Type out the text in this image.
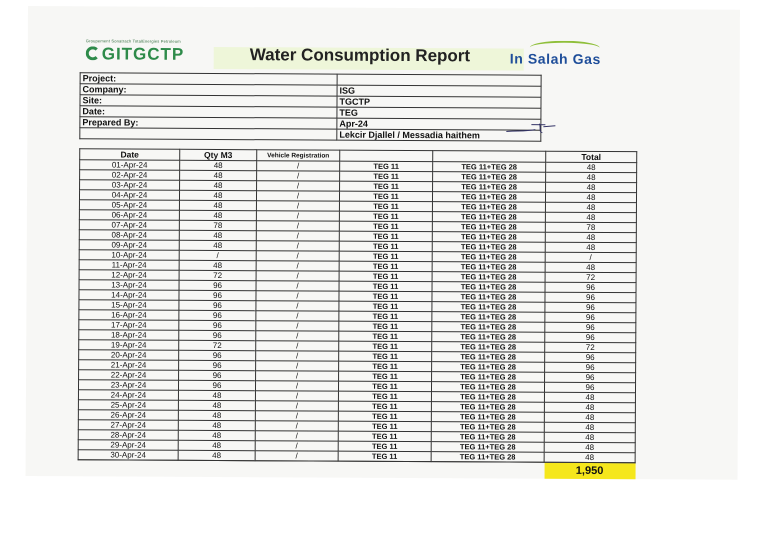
Groupement Sonatrach TotalEnergies Petroleum
GITGCTP	Water Consumption Report	In Salah Gas
Project:	
Company:	ISG
Site:	TGCTP
Date:	TEG
Prepared By:	Apr-24
	Lekcir Djallel / Messadia haithem
Date	Qty M3	Vehicle Registration			Total
01-Apr-24	48	/	TEG 11	TEG 11+TEG 28	48
02-Apr-24	48	/	TEG 11	TEG 11+TEG 28	48
03-Apr-24	48	/	TEG 11	TEG 11+TEG 28	48
04-Apr-24	48	/	TEG 11	TEG 11+TEG 28	48
05-Apr-24	48	/	TEG 11	TEG 11+TEG 28	48
06-Apr-24	48	/	TEG 11	TEG 11+TEG 28	48
07-Apr-24	78	/	TEG 11	TEG 11+TEG 28	78
08-Apr-24	48	/	TEG 11	TEG 11+TEG 28	48
09-Apr-24	48	/	TEG 11	TEG 11+TEG 28	48
10-Apr-24	/	/	TEG 11	TEG 11+TEG 28	/
11-Apr-24	48	/	TEG 11	TEG 11+TEG 28	48
12-Apr-24	72	/	TEG 11	TEG 11+TEG 28	72
13-Apr-24	96	/	TEG 11	TEG 11+TEG 28	96
14-Apr-24	96	/	TEG 11	TEG 11+TEG 28	96
15-Apr-24	96	/	TEG 11	TEG 11+TEG 28	96
16-Apr-24	96	/	TEG 11	TEG 11+TEG 28	96
17-Apr-24	96	/	TEG 11	TEG 11+TEG 28	96
18-Apr-24	96	/	TEG 11	TEG 11+TEG 28	96
19-Apr-24	72	/	TEG 11	TEG 11+TEG 28	72
20-Apr-24	96	/	TEG 11	TEG 11+TEG 28	96
21-Apr-24	96	/	TEG 11	TEG 11+TEG 28	96
22-Apr-24	96	/	TEG 11	TEG 11+TEG 28	96
23-Apr-24	96	/	TEG 11	TEG 11+TEG 28	96
24-Apr-24	48	/	TEG 11	TEG 11+TEG 28	48
25-Apr-24	48	/	TEG 11	TEG 11+TEG 28	48
26-Apr-24	48	/	TEG 11	TEG 11+TEG 28	48
27-Apr-24	48	/	TEG 11	TEG 11+TEG 28	48
28-Apr-24	48	/	TEG 11	TEG 11+TEG 28	48
29-Apr-24	48	/	TEG 11	TEG 11+TEG 28	48
30-Apr-24	48	/	TEG 11	TEG 11+TEG 28	48
					1,950
